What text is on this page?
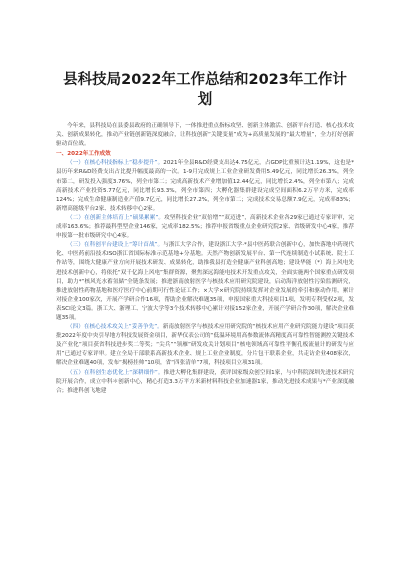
县科技局2022年工作总结和2023年工作计划

今年来，县科技局在县委县政府的正确领导下，一体推进重点指标攻坚、创新主体激活、创新平台打造、核心技术攻关、创新成果转化，推动产业链创新链深度融合，让科技创新“关键变量”成为+高质量发展的“最大增量”，全力打好创新驱动首位战。

一、2022年工作成效

（一）在核心科技指标上“稳步提升”。2021年全县R&D经费支出达4.75亿元，占GDP比重预计达1.19%，这也是*县历年来R&D经费支出占比提升幅度最高的一次。1-9月完成规上工业企业研发费用5.49亿元，同比增长26.3%，列全市第二，研发投入强度3.76%，列全市第二；完成高新技术产业增加值12.44亿元，同比增长2.4%，列全市第八；完成高新技术产业投资5.77亿元，同比增长93.3%，列全市第四；大孵化器集群建设完成空间面积6.2万平方米，完成率124%；完成生命健康制造业产值9.7亿元，同比增长27.2%，列全市第二；完成技术交易总额7.9亿元，完成率83%；新增高能级平台2家、技术转移中心2家。

（二）在创新主体培育上“硕果累累”。攻坚科技企业“双倍增”“双迈进”，高新技术企业各29家已通过专家评审，完成率163.6%；推荐最科型型企业146家，完成率182.5%；推荐申报省级重点企业研究院2家、省级研发中心4家，推荐申报第一批市级研究中心4家。

（三）在科创平台建设上“筹计首战”。与浙江大学合作，建设浙江大学·*县中医药联合创新中心，加快落地中药现代化、中医药前沿技术ISO浙江省国际标准示范基地+分基地。天然产物创新发展平台、第一代连续制造小试系统、院士工作站等，围绕大健康产业方向开展技术研发、成果转化，助推我县打造全健康产业科创高地；建设华能（*）海上风电先进技术创新中心，将依托“双千亿海上风电”集群资源，聚焦深远海能电技术开发重点攻关，全面实施两个国家重点研发项目，助力*“核风光水蓄氢储”全链条发展；推进浙南放射医学与核技术应用研究院建设，启动海洋放射性污染监测研究，推进放射性药物基地和医疗医疗中心前期可行性论证工作；×大学×研究院持续发挥对企业发展的牵引和驱动作用，累计对接企业100家次，开展产学研合作16项，帮助企业解决难题35项，申报国家重大科技项目1项，发明专利受权2项，发表SCI论文3篇。浙工大、浙理工、宁波大学等3个技术转移中心累计对接152家企业，开展产学研合作30项，解决企业难题35项。

（四）在核心技术攻关上“妥善争先”。新南放射医学与核技术应用研究院的“核技术应用产业研究院能力建设”项目获批2022年度中央引导地方科技发展资金项目，新华仪表公司的“低温环境用高参数流体高精度高可靠性智能测控关键技术及产业化”项目获省科技进步奖二等奖；“尖兵”“领雁”研发攻关计划项目“核电领域高可靠性平衡孔板流量计的研发与应用”已通过专家评审。建立全局干部联系高新技术企业、规上工业企业制度，分片包干联系企业，共走访企业408家次，解决企业难题40项，发布“揭榜挂帅”10项，省“四张清单”7项，科技项目立项31项。

（五）在科创生态优化上“深耕细作”。推进大孵化集群建设，获评国家级众创空间1家，与中科院深圳先进技术研究院开展合作，成立中科＊创新中心，精心打造3.3万平方米新材料科技企业加速器1家，推动先进技术成果与*产业深度融合；推进科创飞地建
